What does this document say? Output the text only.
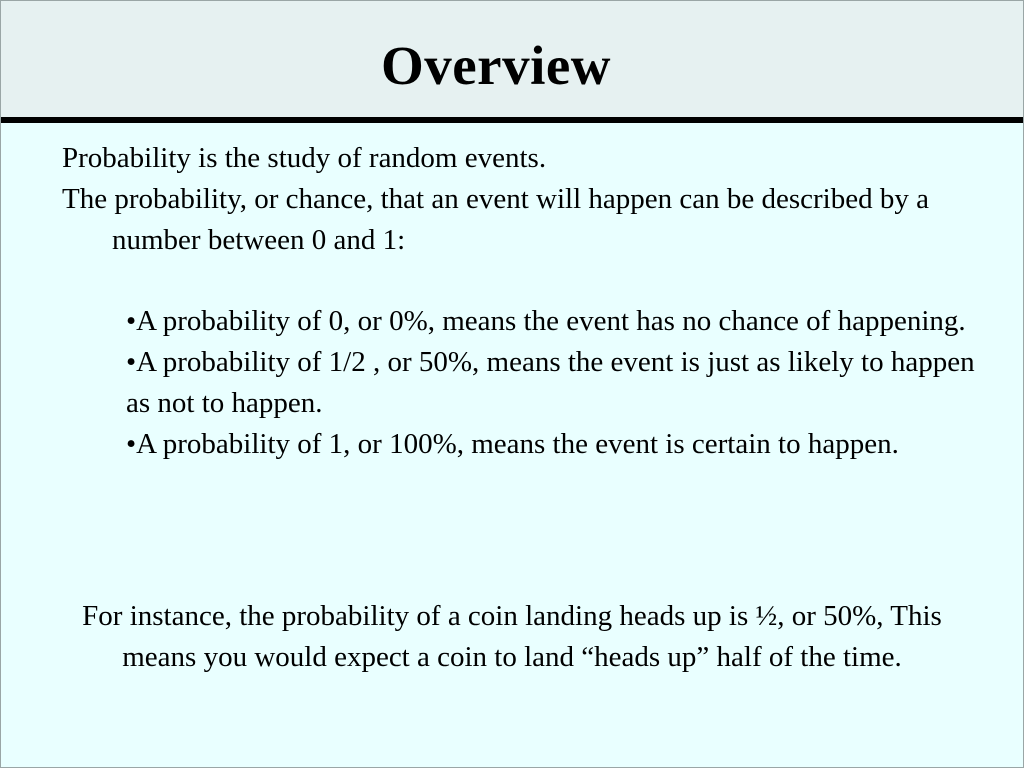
Overview

Probability is the study of random events.

The probability, or chance, that an event will happen can be described by a number between 0 and 1:

•A probability of 0, or 0%, means the event has no chance of happening.

•A probability of 1/2 , or 50%, means the event is just as likely to happen as not to happen.

•A probability of 1, or 100%, means the event is certain to happen.

For instance, the probability of a coin landing heads up is ½, or 50%, This means you would expect a coin to land “heads up” half of the time.
